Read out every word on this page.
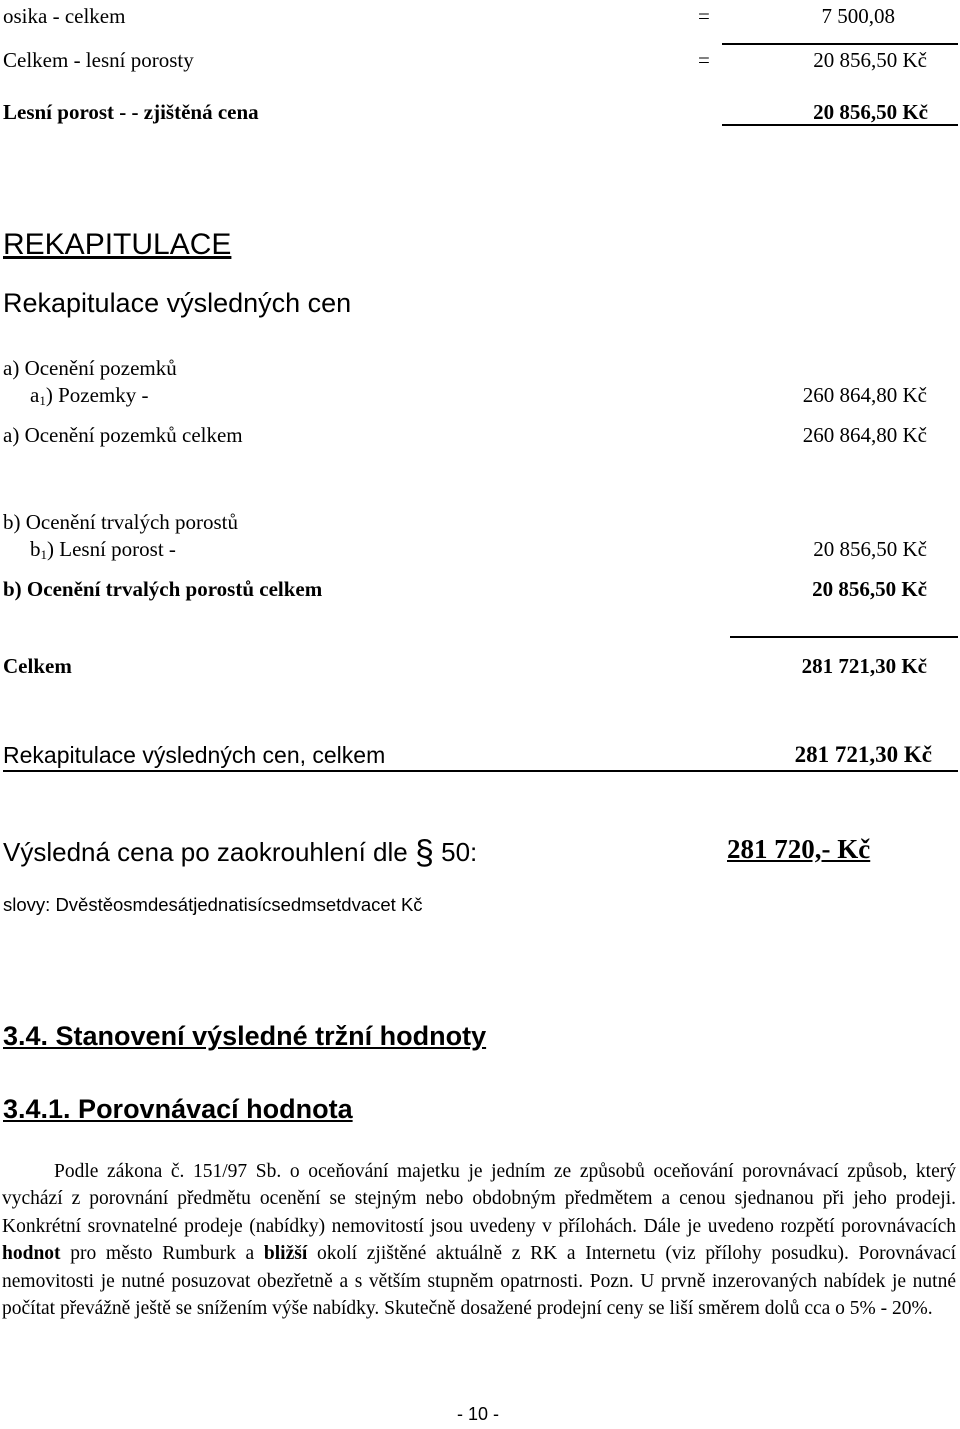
osika - celkem	=	7 500,08
Celkem - lesní porosty	=	20 856,50 Kč
Lesní porost - - zjištěná cena	20 856,50 Kč
REKAPITULACE
Rekapitulace výsledných cen
a) Ocenění pozemků
$a_1$) Pozemky -	260 864,80 Kč
a) Ocenění pozemků celkem	260 864,80 Kč
b) Ocenění trvalých porostů
$b_1$) Lesní porost -	20 856,50 Kč
b) Ocenění trvalých porostů celkem	20 856,50 Kč
Celkem	281 721,30 Kč
Rekapitulace výsledných cen, celkem	281 721,30 Kč
Výsledná cena po zaokrouhlení dle § 50:	281 720,- Kč
slovy: Dvěstěosmdesátjednatisícsedmsetdvacet Kč
3.4. Stanovení výsledné tržní hodnoty
3.4.1. Porovnávací hodnota
Podle zákona č. 151/97 Sb. o oceňování majetku je jedním ze způsobů oceňování porovnávací způsob, který vychází z porovnání předmětu ocenění se stejným nebo obdobným předmětem a cenou sjednanou při jeho prodeji. Konkrétní srovnatelné prodeje (nabídky) nemovitostí jsou uvedeny v přílohách. Dále je uvedeno rozpětí porovnávacích hodnot pro město Rumburk a bližší okolí zjištěné aktuálně z RK a Internetu (viz přílohy posudku). Porovnávací nemovitosti je nutné posuzovat obezřetně a s větším stupněm opatrnosti. Pozn. U prvně inzerovaných nabídek je nutné počítat převážně ještě se snížením výše nabídky. Skutečně dosažené prodejní ceny se liší směrem dolů cca o 5% - 20%.
- 10 -
